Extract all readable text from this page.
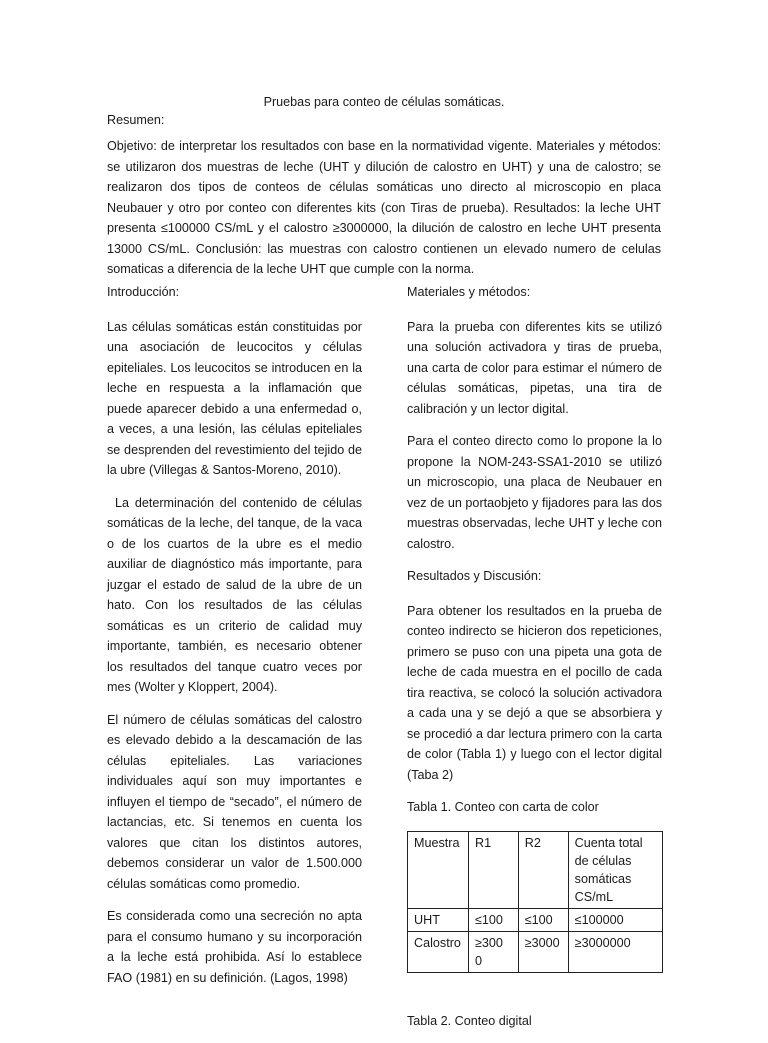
Pruebas para conteo de células somáticas.
Resumen:
Objetivo: de interpretar los resultados con base en la normatividad vigente. Materiales y métodos: se utilizaron dos muestras de leche (UHT y dilución de calostro en UHT) y una de calostro; se realizaron dos tipos de conteos de células somáticas uno directo al microscopio en placa Neubauer y otro por conteo con diferentes kits (con Tiras de prueba). Resultados: la leche UHT presenta ≤100000 CS/mL y el calostro ≥3000000, la dilución de calostro en leche UHT presenta 13000 CS/mL. Conclusión: las muestras con calostro contienen un elevado numero de celulas somaticas a diferencia de la leche UHT que cumple con la norma.

Introducción:

Las células somáticas están constituidas por una asociación de leucocitos y células epiteliales. Los leucocitos se introducen en la leche en respuesta a la inflamación que puede aparecer debido a una enfermedad o, a veces, a una lesión, las células epiteliales se desprenden del revestimiento del tejido de la ubre (Villegas & Santos-Moreno, 2010).

La determinación del contenido de células somáticas de la leche, del tanque, de la vaca o de los cuartos de la ubre es el medio auxiliar de diagnóstico más importante, para juzgar el estado de salud de la ubre de un hato. Con los resultados de las células somáticas es un criterio de calidad muy importante, también, es necesario obtener los resultados del tanque cuatro veces por mes (Wolter y Kloppert, 2004).

El número de células somáticas del calostro es elevado debido a la descamación de las células epiteliales. Las variaciones individuales aquí son muy importantes e influyen el tiempo de “secado”, el número de lactancias, etc. Si tenemos en cuenta los valores que citan los distintos autores, debemos considerar un valor de 1.500.000 células somáticas como promedio.

Es considerada como una secreción no apta para el consumo humano y su incorporación a la leche está prohibida. Así lo establece FAO (1981) en su definición. (Lagos, 1998)

Materiales y métodos:

Para la prueba con diferentes kits se utilizó una solución activadora y tiras de prueba, una carta de color para estimar el número de células somáticas, pipetas, una tira de calibración y un lector digital.

Para el conteo directo como lo propone la lo propone la NOM-243-SSA1-2010 se utilizó un microscopio, una placa de Neubauer en vez de un portaobjeto y fijadores para las dos muestras observadas, leche UHT y leche con calostro.

Resultados y Discusión:

Para obtener los resultados en la prueba de conteo indirecto se hicieron dos repeticiones, primero se puso con una pipeta una gota de leche de cada muestra en el pocillo de cada tira reactiva, se colocó la solución activadora a cada una y se dejó a que se absorbiera y se procedió a dar lectura primero con la carta de color (Tabla 1) y luego con el lector digital (Taba 2)

Tabla 1. Conteo con carta de color

Muestra	R1	R2	Cuenta total de células somáticas CS/mL
UHT	≤100	≤100	≤100000
Calostro	≥300 0	≥3000	≥3000000

Tabla 2. Conteo digital
